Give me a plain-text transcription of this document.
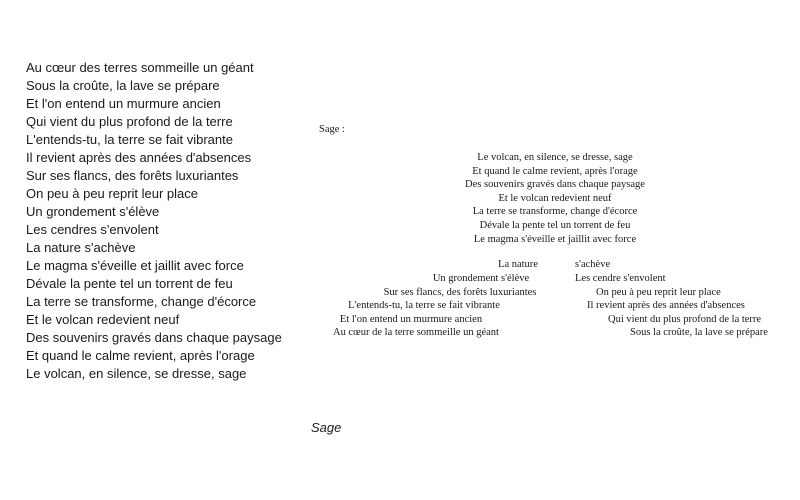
Au cœur des terres sommeille un géant
Sous la croûte, la lave se prépare
Et l'on entend un murmure ancien
Qui vient du plus profond de la terre
L'entends-tu, la terre se fait vibrante
Il revient après des années d'absences
Sur ses flancs, des forêts luxuriantes
On peu à peu reprit leur place
Un grondement s'élève
Les cendres s'envolent
La nature s'achève
Le magma s'éveille et jaillit avec force
Dévale la pente tel un torrent de feu
La terre se transforme, change d'écorce
Et le volcan redevient neuf
Des souvenirs gravés dans chaque paysage
Et quand le calme revient, après l'orage
Le volcan, en silence, se dresse, sage
Sage :
Le volcan, en silence, se dresse, sage
Et quand le calme revient, après l'orage
Des souvenirs gravés dans chaque paysage
Et le volcan redevient neuf
La terre se transforme, change d'écorce
Dévale la pente tel un torrent de feu
Le magma s'éveille et jaillit avec force
La nature	s'achève
Un grondement s'élève	Les cendre s'envolent
Sur ses flancs, des forêts luxuriantes	On peu à peu reprit leur place
L'entends-tu, la terre se fait vibrante	Il revient après des années d'absences
Et l'on entend un murmure ancien	Qui vient du plus profond de la terre
Au cœur de la terre sommeille un géant	Sous la croûte, la lave se prépare
Sage
